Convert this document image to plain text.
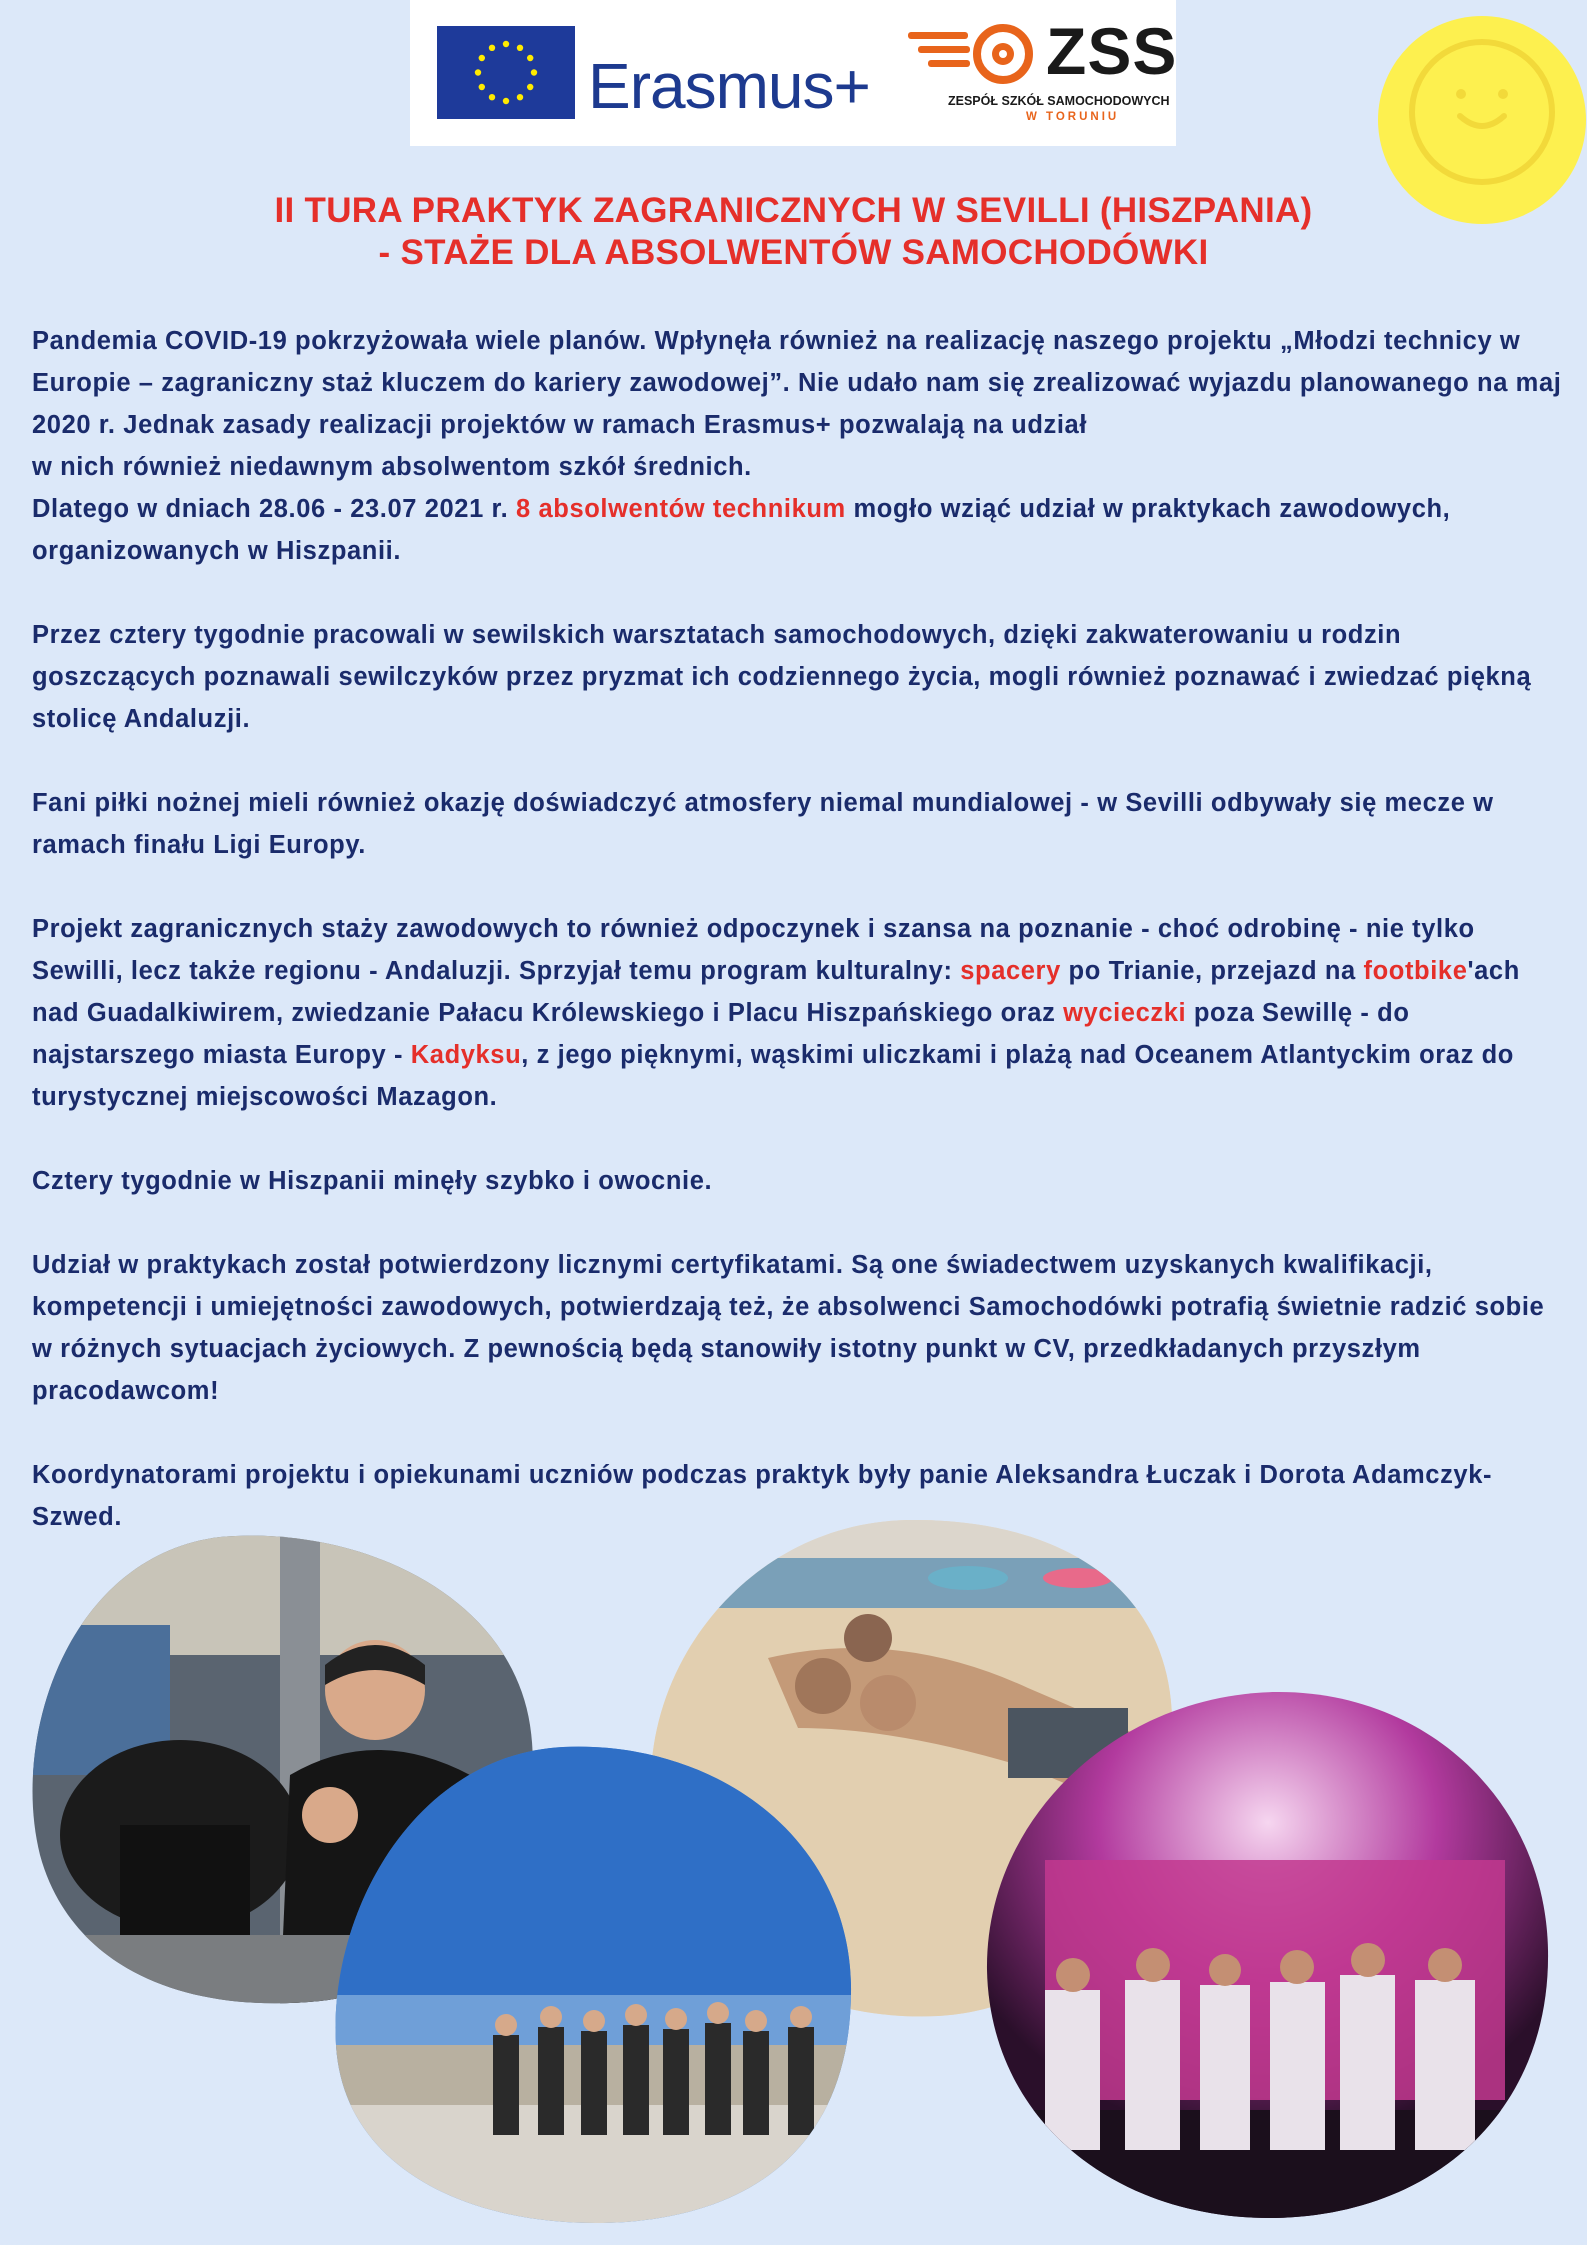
Erasmus+	ZSS
ZESPÓŁ SZKÓŁ SAMOCHODOWYCH
W TORUNIU
II TURA PRAKTYK ZAGRANICZNYCH W SEVILLI (HISZPANIA)
- STAŻE DLA ABSOLWENTÓW SAMOCHODÓWKI

Pandemia COVID-19 pokrzyżowała wiele planów. Wpłynęła również na realizację naszego projektu „Młodzi technicy w Europie – zagraniczny staż kluczem do kariery zawodowej”. Nie udało nam się zrealizować wyjazdu planowanego na maj 2020 r. Jednak zasady realizacji projektów w ramach Erasmus+ pozwalają na udział
w nich również niedawnym absolwentom szkół średnich.
Dlatego w dniach 28.06 - 23.07 2021 r. 8 absolwentów technikum mogło wziąć udział w praktykach zawodowych, organizowanych w Hiszpanii.

Przez cztery tygodnie pracowali w sewilskich warsztatach samochodowych, dzięki zakwaterowaniu u rodzin goszczących poznawali sewilczyków przez pryzmat ich codziennego życia, mogli również poznawać i zwiedzać piękną stolicę Andaluzji.

Fani piłki nożnej mieli również okazję doświadczyć atmosfery niemal mundialowej - w Sevilli odbywały się mecze w ramach finału Ligi Europy.

Projekt zagranicznych staży zawodowych to również odpoczynek i szansa na poznanie - choć odrobinę - nie tylko Sewilli, lecz także regionu - Andaluzji. Sprzyjał temu program kulturalny: spacery po Trianie, przejazd na footbike'ach nad Guadalkiwirem, zwiedzanie Pałacu Królewskiego i Placu Hiszpańskiego oraz wycieczki poza Sewillę - do najstarszego miasta Europy - Kadyksu, z jego pięknymi, wąskimi uliczkami i plażą nad Oceanem Atlantyckim oraz do turystycznej miejscowości Mazagon.

Cztery tygodnie w Hiszpanii minęły szybko i owocnie.

Udział w praktykach został potwierdzony licznymi certyfikatami. Są one świadectwem uzyskanych kwalifikacji, kompetencji i umiejętności zawodowych, potwierdzają też, że absolwenci Samochodówki potrafią świetnie radzić sobie w różnych sytuacjach życiowych. Z pewnością będą stanowiły istotny punkt w CV, przedkładanych przyszłym pracodawcom!

Koordynatorami projektu i opiekunami uczniów podczas praktyk były panie Aleksandra Łuczak i Dorota Adamczyk-Szwed.
